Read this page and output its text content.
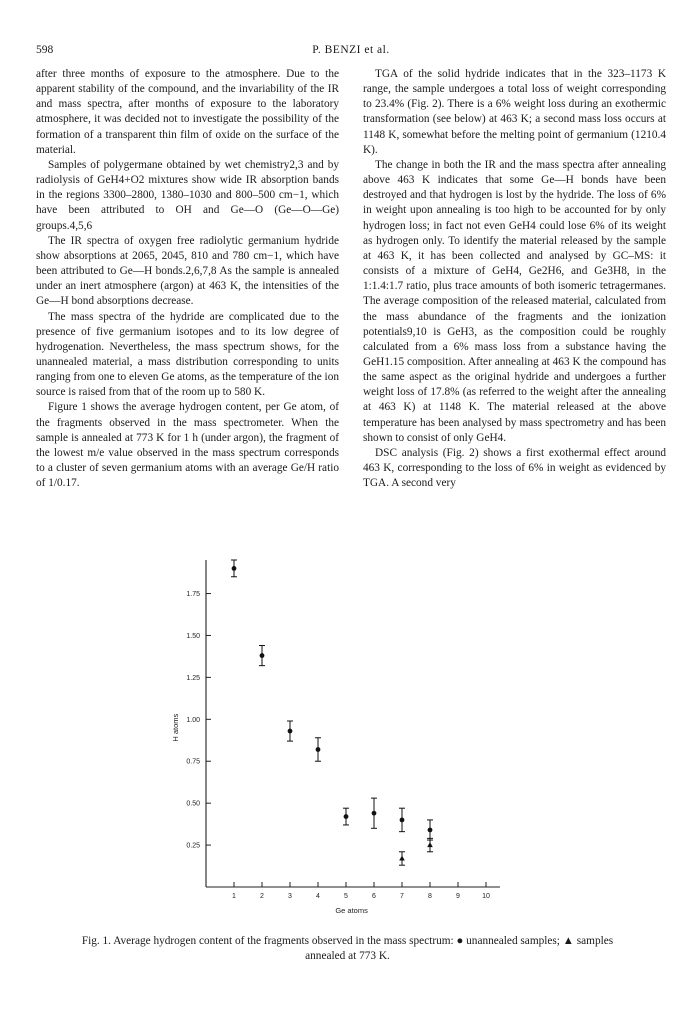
598	P. BENZI et al.

after three months of exposure to the atmosphere. Due to the apparent stability of the compound, and the invariability of the IR and mass spectra, after months of exposure to the laboratory atmosphere, it was decided not to investigate the possibility of the formation of a transparent thin film of oxide on the surface of the material.

Samples of polygermane obtained by wet chemistry2,3 and by radiolysis of GeH4+O2 mixtures show wide IR absorption bands in the regions 3300–2800, 1380–1030 and 800–500 cm−1, which have been attributed to OH and Ge—O (Ge—O—Ge) groups.4,5,6

The IR spectra of oxygen free radiolytic germanium hydride show absorptions at 2065, 2045, 810 and 780 cm−1, which have been attributed to Ge—H bonds.2,6,7,8 As the sample is annealed under an inert atmosphere (argon) at 463 K, the intensities of the Ge—H bond absorptions decrease.

The mass spectra of the hydride are complicated due to the presence of five germanium isotopes and to its low degree of hydrogenation. Nevertheless, the mass spectrum shows, for the unannealed material, a mass distribution corresponding to units ranging from one to eleven Ge atoms, as the temperature of the ion source is raised from that of the room up to 580 K.

Figure 1 shows the average hydrogen content, per Ge atom, of the fragments observed in the mass spectrometer. When the sample is annealed at 773 K for 1 h (under argon), the fragment of the lowest m/e value observed in the mass spectrum corresponds to a cluster of seven germanium atoms with an average Ge/H ratio of 1/0.17.

TGA of the solid hydride indicates that in the 323–1173 K range, the sample undergoes a total loss of weight corresponding to 23.4% (Fig. 2). There is a 6% weight loss during an exothermic transformation (see below) at 463 K; a second mass loss occurs at 1148 K, somewhat before the melting point of germanium (1210.4 K).

The change in both the IR and the mass spectra after annealing above 463 K indicates that some Ge—H bonds have been destroyed and that hydrogen is lost by the hydride. The loss of 6% in weight upon annealing is too high to be accounted for by only hydrogen loss; in fact not even GeH4 could lose 6% of its weight as hydrogen only. To identify the material released by the sample at 463 K, it has been collected and analysed by GC–MS: it consists of a mixture of GeH4, Ge2H6, and Ge3H8, in the 1:1.4:1.7 ratio, plus trace amounts of both isomeric tetragermanes. The average composition of the released material, calculated from the mass abundance of the fragments and the ionization potentials9,10 is GeH3, as the composition could be roughly calculated from a 6% mass loss from a substance having the GeH1.15 composition. After annealing at 463 K the compound has the same aspect as the original hydride and undergoes a further weight loss of 17.8% (as referred to the weight after the annealing at 463 K) at 1148 K. The material released at the above temperature has been analysed by mass spectrometry and has been shown to consist of only GeH4.

DSC analysis (Fig. 2) shows a first exothermal effect around 463 K, corresponding to the loss of 6% in weight as evidenced by TGA. A second very

1	2	3	4	5	6	7	8	9	10
0.25
0.50
0.75
1.00
1.25
1.50
1.75
Ge atoms
H atoms
Fig. 1. Average hydrogen content of the fragments observed in the mass spectrum: ● unannealed samples; ▲ samples annealed at 773 K.
